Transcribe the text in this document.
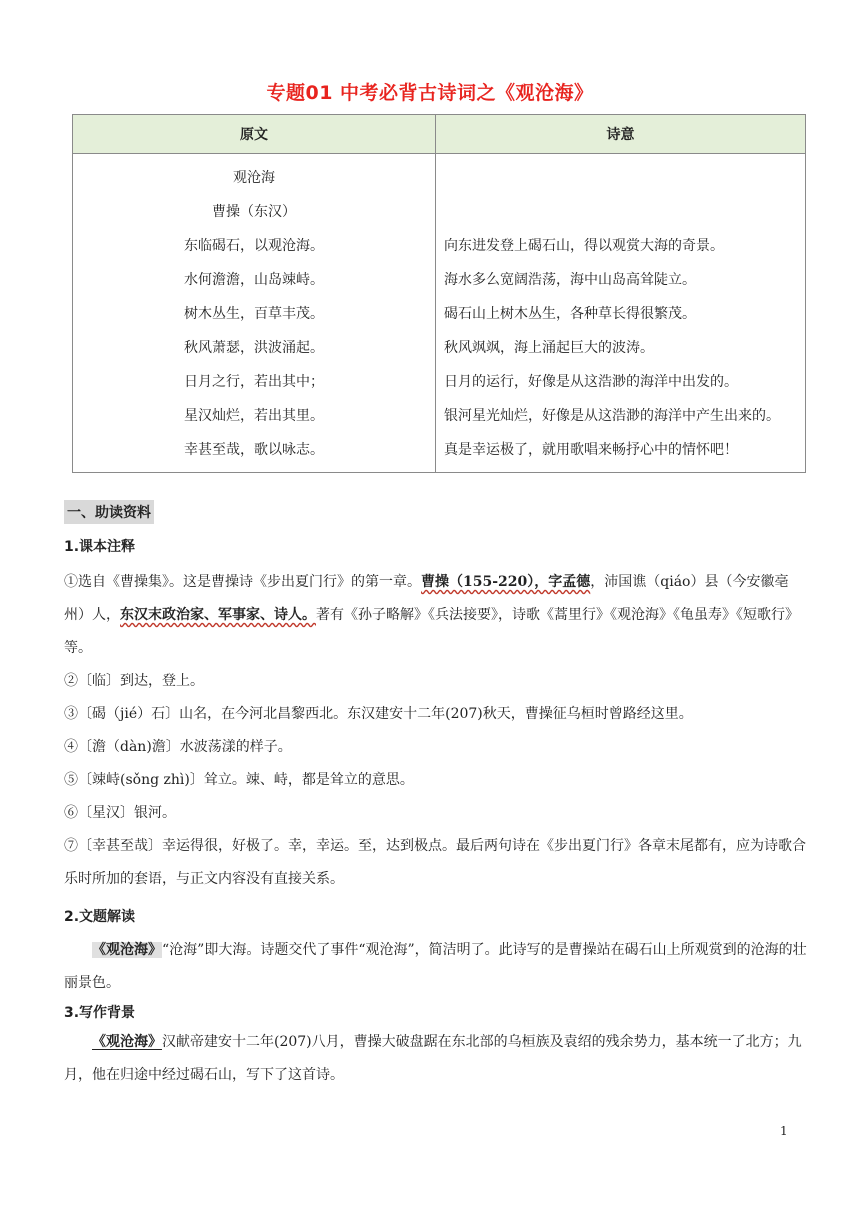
专题01 中考必背古诗词之《观沧海》
原文	诗意
观沧海	
曹操（东汉）	
东临碣石，以观沧海。	向东进发登上碣石山，得以观赏大海的奇景。
水何澹澹，山岛竦峙。	海水多么宽阔浩荡，海中山岛高耸陡立。
树木丛生，百草丰茂。	碣石山上树木丛生，各种草长得很繁茂。
秋风萧瑟，洪波涌起。	秋风飒飒，海上涌起巨大的波涛。
日月之行，若出其中；	日月的运行，好像是从这浩渺的海洋中出发的。
星汉灿烂，若出其里。	银河星光灿烂，好像是从这浩渺的海洋中产生出来的。
幸甚至哉，歌以咏志。	真是幸运极了，就用歌唱来畅抒心中的情怀吧！
一、助读资料
1.课本注释
①选自《曹操集》。这是曹操诗《步出夏门行》的第一章。曹操（155-220），字孟德，沛国谯（qiáo）县（今安徽亳州）人，东汉末政治家、军事家、诗人。著有《孙子略解》《兵法接要》，诗歌《蒿里行》《观沧海》《龟虽寿》《短歌行》等。
②〔临〕到达，登上。
③〔碣（jié）石〕山名，在今河北昌黎西北。东汉建安十二年(207)秋天，曹操征乌桓时曾路经这里。
④〔澹（dàn)澹〕水波荡漾的样子。
⑤〔竦峙(sǒng zhì)〕耸立。竦、峙，都是耸立的意思。
⑥〔星汉〕银河。
⑦〔幸甚至哉〕幸运得很，好极了。幸，幸运。至，达到极点。最后两句诗在《步出夏门行》各章末尾都有，应为诗歌合乐时所加的套语，与正文内容没有直接关系。
2.文题解读
《观沧海》“沧海”即大海。诗题交代了事件“观沧海”，简洁明了。此诗写的是曹操站在碣石山上所观赏到的沧海的壮丽景色。
3.写作背景
《观沧海》汉献帝建安十二年(207)八月，曹操大破盘踞在东北部的乌桓族及袁绍的残余势力，基本统一了北方；九月，他在归途中经过碣石山，写下了这首诗。
1
